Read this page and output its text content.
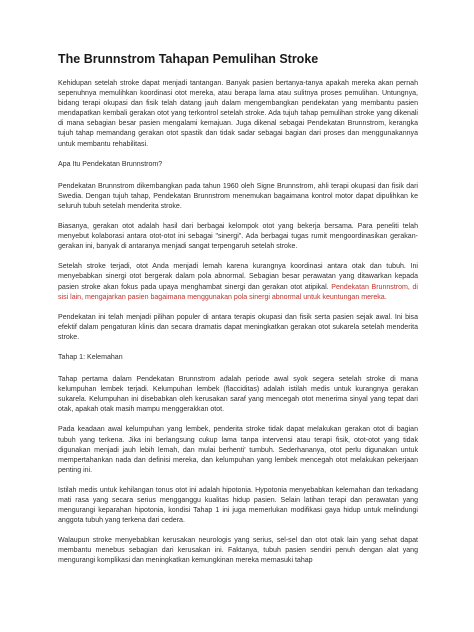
The Brunnstrom Tahapan Pemulihan Stroke

Kehidupan setelah stroke dapat menjadi tantangan. Banyak pasien bertanya-tanya apakah mereka akan pernah sepenuhnya memulihkan koordinasi otot mereka, atau berapa lama atau sulitnya proses pemulihan. Untungnya, bidang terapi okupasi dan fisik telah datang jauh dalam mengembangkan pendekatan yang membantu pasien mendapatkan kembali gerakan otot yang terkontrol setelah stroke. Ada tujuh tahap pemulihan stroke yang dikenali di mana sebagian besar pasien mengalami kemajuan. Juga dikenal sebagai Pendekatan Brunnstrom, kerangka tujuh tahap memandang gerakan otot spastik dan tidak sadar sebagai bagian dari proses dan menggunakannya untuk membantu rehabilitasi.

Apa Itu Pendekatan Brunnstrom?

Pendekatan Brunnstrom dikembangkan pada tahun 1960 oleh Signe Brunnstrom, ahli terapi okupasi dan fisik dari Swedia. Dengan tujuh tahap, Pendekatan Brunnstrom menemukan bagaimana kontrol motor dapat dipulihkan ke seluruh tubuh setelah menderita stroke.

Biasanya, gerakan otot adalah hasil dari berbagai kelompok otot yang bekerja bersama. Para peneliti telah menyebut kolaborasi antara otot-otot ini sebagai "sinergi". Ada berbagai tugas rumit mengoordinasikan gerakan-gerakan ini, banyak di antaranya menjadi sangat terpengaruh setelah stroke.

Setelah stroke terjadi, otot Anda menjadi lemah karena kurangnya koordinasi antara otak dan tubuh. Ini menyebabkan sinergi otot bergerak dalam pola abnormal. Sebagian besar perawatan yang ditawarkan kepada pasien stroke akan fokus pada upaya menghambat sinergi dan gerakan otot atipikal. Pendekatan Brunnstrom, di sisi lain, mengajarkan pasien bagaimana menggunakan pola sinergi abnormal untuk keuntungan mereka.

Pendekatan ini telah menjadi pilihan populer di antara terapis okupasi dan fisik serta pasien sejak awal. Ini bisa efektif dalam pengaturan klinis dan secara dramatis dapat meningkatkan gerakan otot sukarela setelah menderita stroke.

Tahap 1: Kelemahan

Tahap pertama dalam Pendekatan Brunnstrom adalah periode awal syok segera setelah stroke di mana kelumpuhan lembek terjadi. Kelumpuhan lembek (flacciditas) adalah istilah medis untuk kurangnya gerakan sukarela. Kelumpuhan ini disebabkan oleh kerusakan saraf yang mencegah otot menerima sinyal yang tepat dari otak, apakah otak masih mampu menggerakkan otot.

Pada keadaan awal kelumpuhan yang lembek, penderita stroke tidak dapat melakukan gerakan otot di bagian tubuh yang terkena. Jika ini berlangsung cukup lama tanpa intervensi atau terapi fisik, otot-otot yang tidak digunakan menjadi jauh lebih lemah, dan mulai berhenti' tumbuh. Sederhananya, otot perlu digunakan untuk mempertahankan nada dan definisi mereka, dan kelumpuhan yang lembek mencegah otot melakukan pekerjaan penting ini.

Istilah medis untuk kehilangan tonus otot ini adalah hipotonia. Hypotonia menyebabkan kelemahan dan terkadang mati rasa yang secara serius mengganggu kualitas hidup pasien. Selain latihan terapi dan perawatan yang mengurangi keparahan hipotonia, kondisi Tahap 1 ini juga memerlukan modifikasi gaya hidup untuk melindungi anggota tubuh yang terkena dari cedera.

Walaupun stroke menyebabkan kerusakan neurologis yang serius, sel-sel dan otot otak lain yang sehat dapat membantu menebus sebagian dari kerusakan ini. Faktanya, tubuh pasien sendiri penuh dengan alat yang mengurangi komplikasi dan meningkatkan kemungkinan mereka memasuki tahap
